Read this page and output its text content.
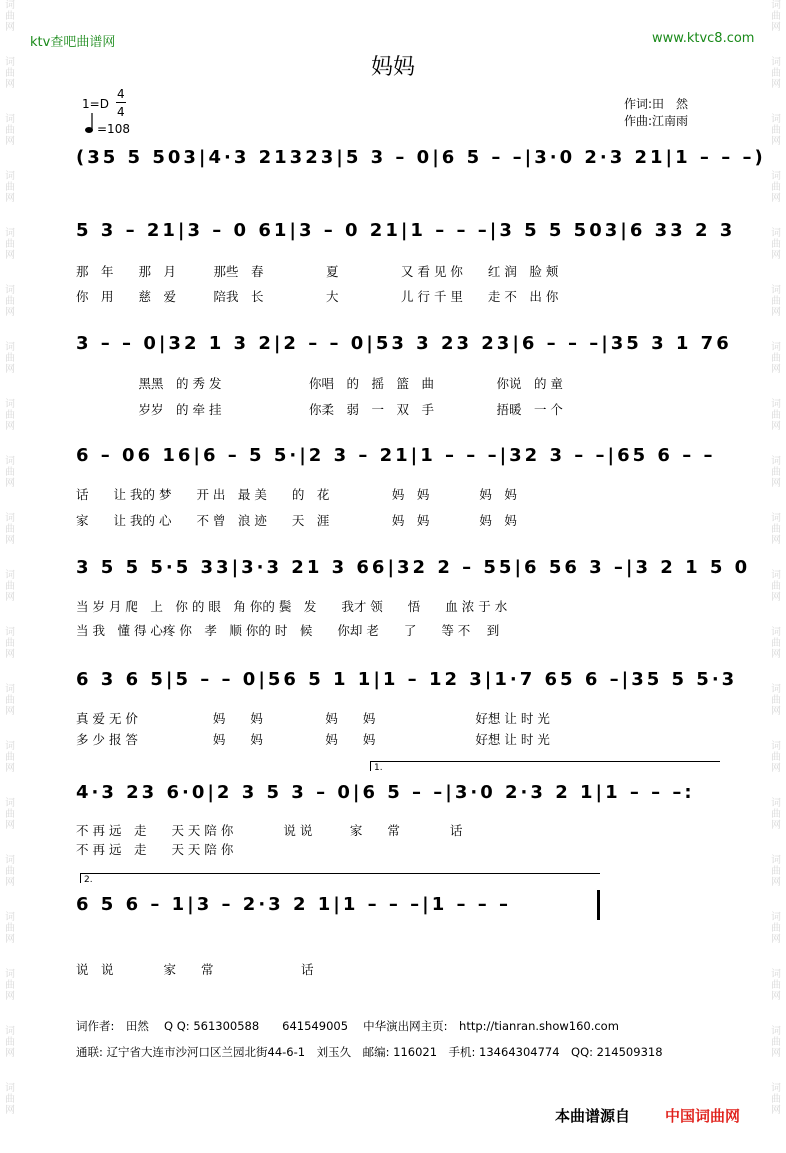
词
曲
网
词
曲
网
词
曲
网
词
曲
网
词
曲
网
词
曲
网
词
曲
网
词
曲
网
词
曲
网
词
曲
网
词
曲
网
词
曲
网
词
曲
网
词
曲
网
词
曲
网
词
曲
网
词
曲
网
词
曲
网
词
曲
网
词
曲
网
词
曲
网
词
曲
网
词
曲
网
词
曲
网
词
曲
网
词
曲
网
词
曲
网
词
曲
网
词
曲
网
词
曲
网
词
曲
网
词
曲
网
词
曲
网
词
曲
网
词
曲
网
词
曲
网
词
曲
网
词
曲
网
词
曲
网
词
曲
网
ktv查吧曲谱网	www.ktvc8.com
妈妈
1=D
4
4
=108
作词:田　然
作曲:江南雨
(35 5 503|4·3 21323|5 3 – 0|6 5 – –|3·0 2·3 21|1 – – –)
5 3 – 21|3 – 0 61|3 – 0 21|1 – – –|3 5 5 503|6 33 2 3
那　年　　那　月　　　那些　春　　　　　夏　　　　　又 看 见 你　　红 润　脸 颊
你　用　　慈　爱　　　陪我　长　　　　　大　　　　　儿 行 千 里　　走 不　出 你
3 – – 0|32 1 3 2|2 – – 0|53 3 23 23|6 – – –|35 3 1 76
　　　　　黑黑　的 秀 发　　　　　　　你唱　的　摇　篮　曲　　　　　你说　的 童
　　　　　岁岁　的 牵 挂　　　　　　　你柔　弱　一　双　手　　　　　捂暖　一 个
6 – 06 16|6 – 5 5·|2 3 – 21|1 – – –|32 3 – –|65 6 – –
话　　让 我的 梦　　开 出　最 美　　的　花　　　　　妈　妈　　　　妈　妈
家　　让 我的 心　　不 曾　浪 迹　　天　涯　　　　　妈　妈　　　　妈　妈
3 5 5 5·5 33|3·3 21 3 66|32 2 – 55|6 56 3 –|3 2 1 5 0
当 岁 月 爬　上　你 的 眼　角 你的 鬓　发　　我才 领　　悟　　血 浓 于 水
当 我　懂 得 心疼 你　孝　顺 你的 时　候　　你却 老　　了　　等 不　 到
6 3 6 5|5 – – 0|56 5 1 1|1 – 12 3|1·7 65 6 –|35 5 5·3
真 爱 无 价　　　　　　妈　　妈　　　　　妈　　妈　　　　　　　　好想 让 时 光
多 少 报 答　　　　　　妈　　妈　　　　　妈　　妈　　　　　　　　好想 让 时 光
1.
4·3 23 6·0|2 3 5 3 – 0|6 5 – –|3·0 2·3 2 1|1 – – –:
不 再 远　走　　天 天 陪 你　　　　说 说　　　家　　常　　　　话
不 再 远　走　　天 天 陪 你
2.
6 5 6 – 1|3 – 2·3 2 1|1 – – –|1 – – –
说　说　　　　家　　常　　　　　　　话
词作者:　田然　 Q Q: 561300588　　641549005　 中华演出网主页:　http://tianran.show160.com
通联: 辽宁省大连市沙河口区兰园北街44-6-1　刘玉久　邮编: 116021　手机: 13464304774　QQ: 214509318
本曲谱源自 中国词曲网
